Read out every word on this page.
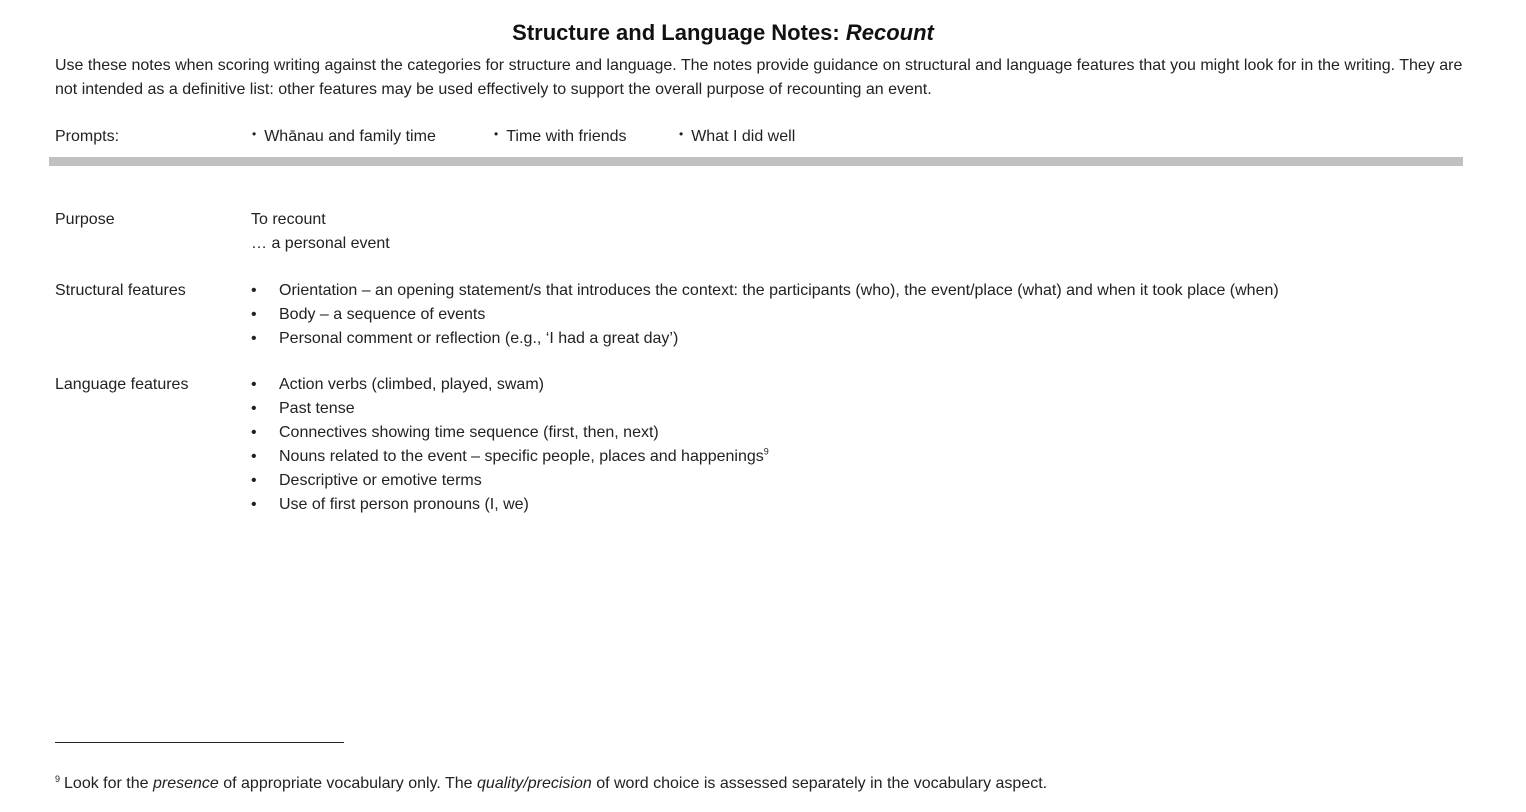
Structure and Language Notes: Recount
Use these notes when scoring writing against the categories for structure and language. The notes provide guidance on structural and language features that you might look for in the writing. They are not intended as a definitive list: other features may be used effectively to support the overall purpose of recounting an event.
Prompts:	• Whānau and family time	• Time with friends	• What I did well
Purpose	To recount
… a personal event
Structural features	• Orientation – an opening statement/s that introduces the context: the participants (who), the event/place (what) and when it took place (when)
• Body – a sequence of events
• Personal comment or reflection (e.g., ‘I had a great day’)
Language features	• Action verbs (climbed, played, swam)
• Past tense
• Connectives showing time sequence (first, then, next)
• Nouns related to the event – specific people, places and happenings$^9$
• Descriptive or emotive terms
• Use of first person pronouns (I, we)
$^9$ Look for the presence of appropriate vocabulary only. The quality/precision of word choice is assessed separately in the vocabulary aspect.
